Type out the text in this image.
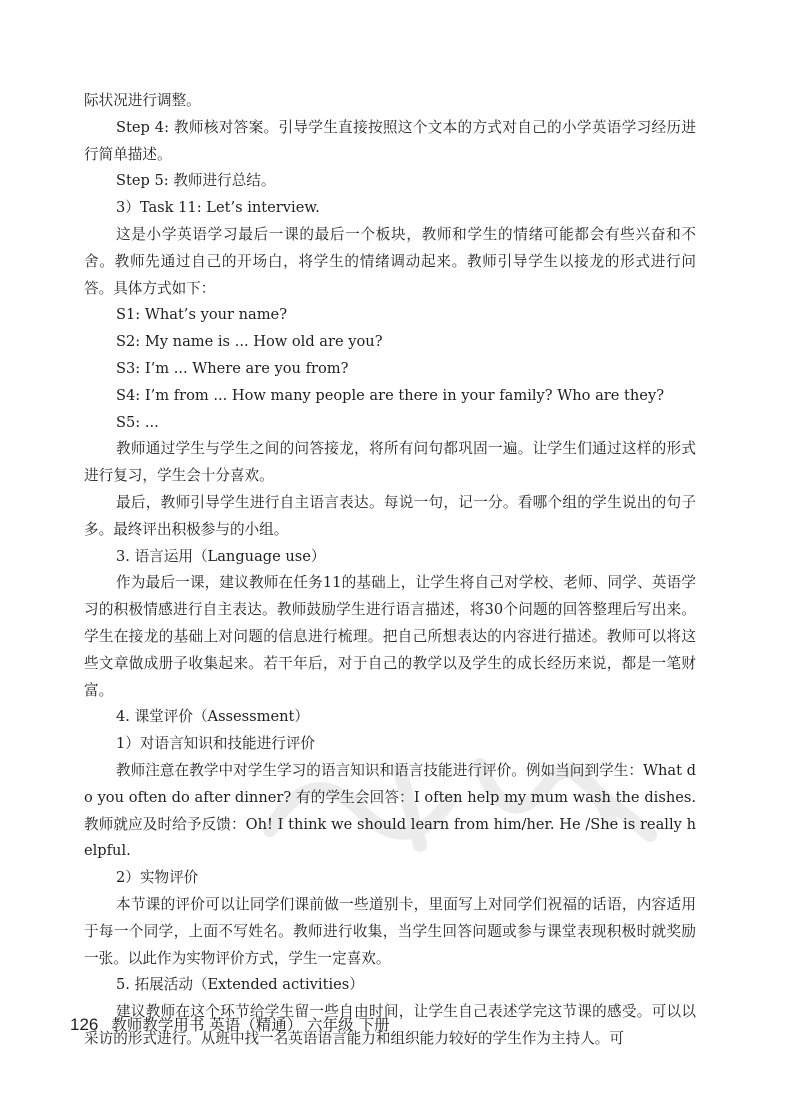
际状况进行调整。

Step 4: 教师核对答案。引导学生直接按照这个文本的方式对自己的小学英语学习经历进行简单描述。

Step 5: 教师进行总结。

3）Task 11: Let’s interview.

这是小学英语学习最后一课的最后一个板块，教师和学生的情绪可能都会有些兴奋和不舍。教师先通过自己的开场白，将学生的情绪调动起来。教师引导学生以接龙的形式进行问答。具体方式如下：

S1: What’s your name?

S2: My name is ... How old are you?

S3: I’m ... Where are you from?

S4: I’m from ... How many people are there in your family? Who are they?

S5: ...

教师通过学生与学生之间的问答接龙，将所有问句都巩固一遍。让学生们通过这样的形式进行复习，学生会十分喜欢。

最后，教师引导学生进行自主语言表达。每说一句，记一分。看哪个组的学生说出的句子多。最终评出积极参与的小组。

3. 语言运用（Language use）

作为最后一课，建议教师在任务11的基础上，让学生将自己对学校、老师、同学、英语学习的积极情感进行自主表达。教师鼓励学生进行语言描述，将30个问题的回答整理后写出来。学生在接龙的基础上对问题的信息进行梳理。把自己所想表达的内容进行描述。教师可以将这些文章做成册子收集起来。若干年后，对于自己的教学以及学生的成长经历来说，都是一笔财富。

4. 课堂评价（Assessment）

1）对语言知识和技能进行评价

教师注意在教学中对学生学习的语言知识和语言技能进行评价。例如当问到学生：What do you often do after dinner? 有的学生会回答：I often help my mum wash the dishes. 教师就应及时给予反馈：Oh! I think we should learn from him/her. He /She is really helpful.

2）实物评价

本节课的评价可以让同学们课前做一些道别卡，里面写上对同学们祝福的话语，内容适用于每一个同学，上面不写姓名。教师进行收集，当学生回答问题或参与课堂表现积极时就奖励一张。以此作为实物评价方式，学生一定喜欢。

5. 拓展活动（Extended activities）

建议教师在这个环节给学生留一些自由时间，让学生自己表述学完这节课的感受。可以以采访的形式进行。从班中找一名英语语言能力和组织能力较好的学生作为主持人。可

126 教师教学用书 英语（精通） 六年级 下册
